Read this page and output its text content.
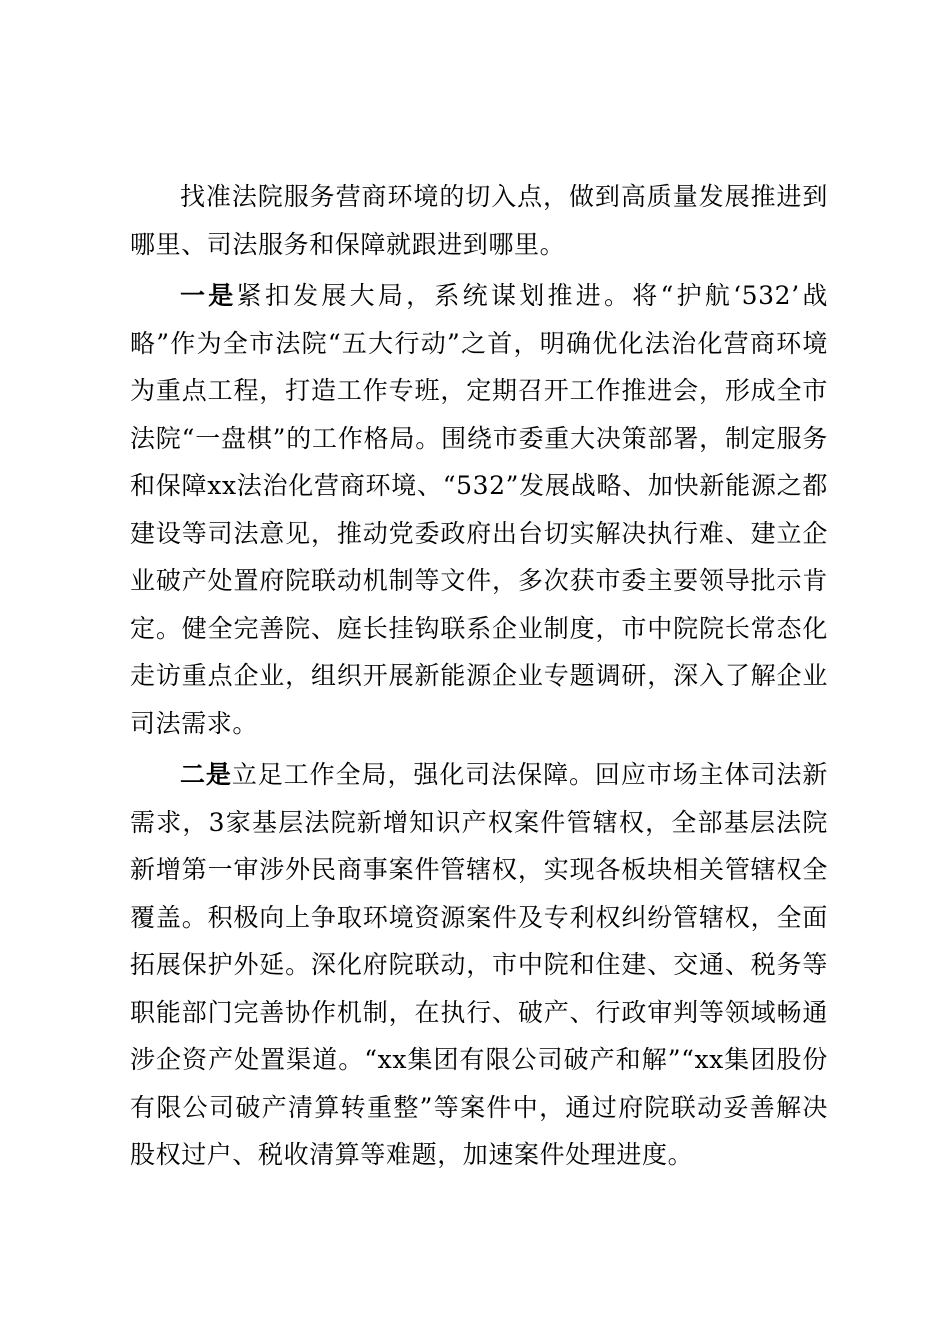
找准法院服务营商环境的切入点，做到高质量发展推进到哪里、司法服务和保障就跟进到哪里。

一是紧扣发展大局，系统谋划推进。将“护航‘532’战略”作为全市法院“五大行动”之首，明确优化法治化营商环境为重点工程，打造工作专班，定期召开工作推进会，形成全市法院“一盘棋”的工作格局。围绕市委重大决策部署，制定服务和保障xx法治化营商环境、“532”发展战略、加快新能源之都建设等司法意见，推动党委政府出台切实解决执行难、建立企业破产处置府院联动机制等文件，多次获市委主要领导批示肯定。健全完善院、庭长挂钩联系企业制度，市中院院长常态化走访重点企业，组织开展新能源企业专题调研，深入了解企业司法需求。

二是立足工作全局，强化司法保障。回应市场主体司法新需求，3家基层法院新增知识产权案件管辖权，全部基层法院新增第一审涉外民商事案件管辖权，实现各板块相关管辖权全覆盖。积极向上争取环境资源案件及专利权纠纷管辖权，全面拓展保护外延。深化府院联动，市中院和住建、交通、税务等职能部门完善协作机制，在执行、破产、行政审判等领域畅通涉企资产处置渠道。“xx集团有限公司破产和解”“xx集团股份有限公司破产清算转重整”等案件中，通过府院联动妥善解决股权过户、税收清算等难题，加速案件处理进度。
